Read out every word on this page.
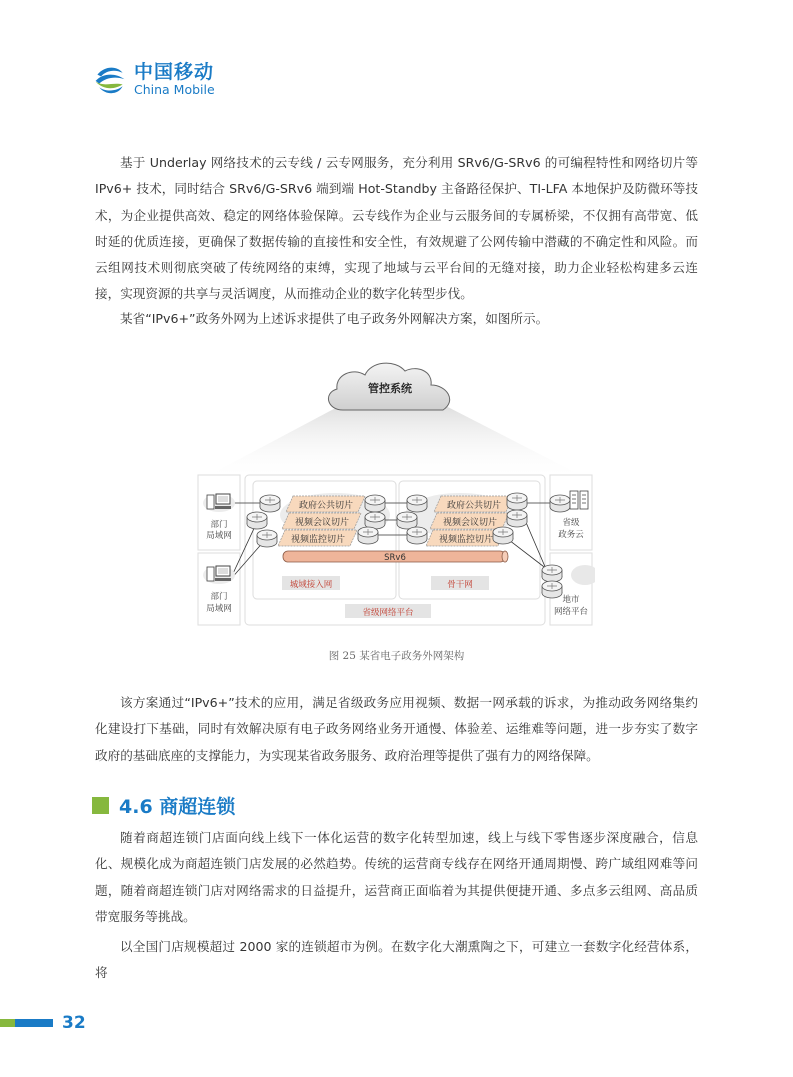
中国移动
China Mobile

基于 Underlay 网络技术的云专线 / 云专网服务，充分利用 SRv6/G-SRv6 的可编程特性和网络切片等 IPv6+ 技术，同时结合 SRv6/G-SRv6 端到端 Hot-Standby 主备路径保护、TI-LFA 本地保护及防微环等技术，为企业提供高效、稳定的网络体验保障。云专线作为企业与云服务间的专属桥梁，不仅拥有高带宽、低时延的优质连接，更确保了数据传输的直接性和安全性，有效规避了公网传输中潜藏的不确定性和风险。而云组网技术则彻底突破了传统网络的束缚，实现了地域与云平台间的无缝对接，助力企业轻松构建多云连接，实现资源的共享与灵活调度，从而推动企业的数字化转型步伐。

某省“IPv6+”政务外网为上述诉求提供了电子政务外网解决方案，如图所示。

管控系统
政府公共切片
视频会议切片
视频监控切片
政府公共切片
视频会议切片
视频监控切片
部门
局域网
部门
局域网
省级
政务云
地市
网络平台
SRv6
城域接入网	骨干网
省级网络平台
图 25 某省电子政务外网架构

该方案通过“IPv6+”技术的应用，满足省级政务应用视频、数据一网承载的诉求，为推动政务网络集约化建设打下基础，同时有效解决原有电子政务网络业务开通慢、体验差、运维难等问题，进一步夯实了数字政府的基础底座的支撑能力，为实现某省政务服务、政府治理等提供了强有力的网络保障。

4.6 商超连锁

随着商超连锁门店面向线上线下一体化运营的数字化转型加速，线上与线下零售逐步深度融合，信息化、规模化成为商超连锁门店发展的必然趋势。传统的运营商专线存在网络开通周期慢、跨广域组网难等问题，随着商超连锁门店对网络需求的日益提升，运营商正面临着为其提供便捷开通、多点多云组网、高品质带宽服务等挑战。

以全国门店规模超过 2000 家的连锁超市为例。在数字化大潮熏陶之下，可建立一套数字化经营体系，将

32
